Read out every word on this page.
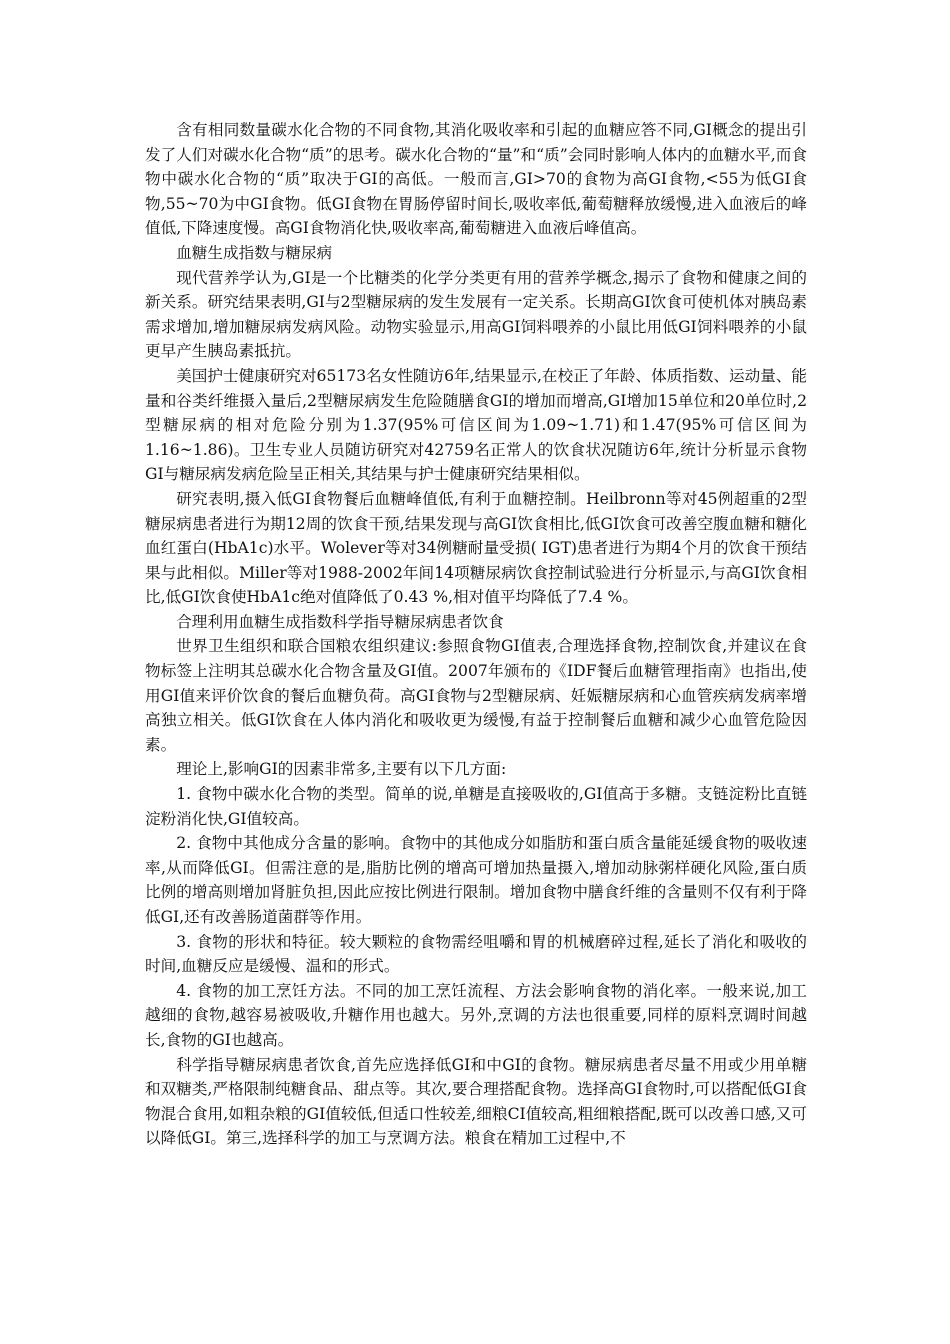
含有相同数量碳水化合物的不同食物,其消化吸收率和引起的血糖应答不同,GI概念的提出引发了人们对碳水化合物“质”的思考。碳水化合物的“量”和“质”会同时影响人体内的血糖水平,而食物中碳水化合物的“质”取决于GI的高低。一般而言,GI>70的食物为高GI食物,<55为低GI食物,55~70为中GI食物。低GI食物在胃肠停留时间长,吸收率低,葡萄糖释放缓慢,进入血液后的峰值低,下降速度慢。高GI食物消化快,吸收率高,葡萄糖进入血液后峰值高。

血糖生成指数与糖尿病

现代营养学认为,GI是一个比糖类的化学分类更有用的营养学概念,揭示了食物和健康之间的新关系。研究结果表明,GI与2型糖尿病的发生发展有一定关系。长期高GI饮食可使机体对胰岛素需求增加,增加糖尿病发病风险。动物实验显示,用高GI饲料喂养的小鼠比用低GI饲料喂养的小鼠更早产生胰岛素抵抗。

美国护士健康研究对65173名女性随访6年,结果显示,在校正了年龄、体质指数、运动量、能量和谷类纤维摄入量后,2型糖尿病发生危险随膳食GI的增加而增高,GI增加15单位和20单位时,2型糖尿病的相对危险分别为1.37(95%可信区间为1.09~1.71)和1.47(95%可信区间为1.16~1.86)。卫生专业人员随访研究对42759名正常人的饮食状况随访6年,统计分析显示食物GI与糖尿病发病危险呈正相关,其结果与护士健康研究结果相似。

研究表明,摄入低GI食物餐后血糖峰值低,有利于血糖控制。Heilbronn等对45例超重的2型糖尿病患者进行为期12周的饮食干预,结果发现与高GI饮食相比,低GI饮食可改善空腹血糖和糖化血红蛋白(HbA1c)水平。Wolever等对34例糖耐量受损( IGT)患者进行为期4个月的饮食干预结果与此相似。Miller等对1988-2002年间14项糖尿病饮食控制试验进行分析显示,与高GI饮食相比,低GI饮食使HbA1c绝对值降低了0.43 %,相对值平均降低了7.4 %。

合理利用血糖生成指数科学指导糖尿病患者饮食

世界卫生组织和联合国粮农组织建议:参照食物GI值表,合理选择食物,控制饮食,并建议在食物标签上注明其总碳水化合物含量及GI值。2007年颁布的《IDF餐后血糖管理指南》也指出,使用GI值来评价饮食的餐后血糖负荷。高GI食物与2型糖尿病、妊娠糖尿病和心血管疾病发病率增高独立相关。低GI饮食在人体内消化和吸收更为缓慢,有益于控制餐后血糖和减少心血管危险因素。

理论上,影响GI的因素非常多,主要有以下几方面:

1. 食物中碳水化合物的类型。简单的说,单糖是直接吸收的,GI值高于多糖。支链淀粉比直链淀粉消化快,GI值较高。

2. 食物中其他成分含量的影响。食物中的其他成分如脂肪和蛋白质含量能延缓食物的吸收速率,从而降低GI。但需注意的是,脂肪比例的增高可增加热量摄入,增加动脉粥样硬化风险,蛋白质比例的增高则增加肾脏负担,因此应按比例进行限制。增加食物中膳食纤维的含量则不仅有利于降低GI,还有改善肠道菌群等作用。

3. 食物的形状和特征。较大颗粒的食物需经咀嚼和胃的机械磨碎过程,延长了消化和吸收的时间,血糖反应是缓慢、温和的形式。

4. 食物的加工烹饪方法。不同的加工烹饪流程、方法会影响食物的消化率。一般来说,加工越细的食物,越容易被吸收,升糖作用也越大。另外,烹调的方法也很重要,同样的原料烹调时间越长,食物的GI也越高。

科学指导糖尿病患者饮食,首先应选择低GI和中GI的食物。糖尿病患者尽量不用或少用单糖和双糖类,严格限制纯糖食品、甜点等。其次,要合理搭配食物。选择高GI食物时,可以搭配低GI食物混合食用,如粗杂粮的GI值较低,但适口性较差,细粮CI值较高,粗细粮搭配,既可以改善口感,又可以降低GI。第三,选择科学的加工与烹调方法。粮食在精加工过程中,不
